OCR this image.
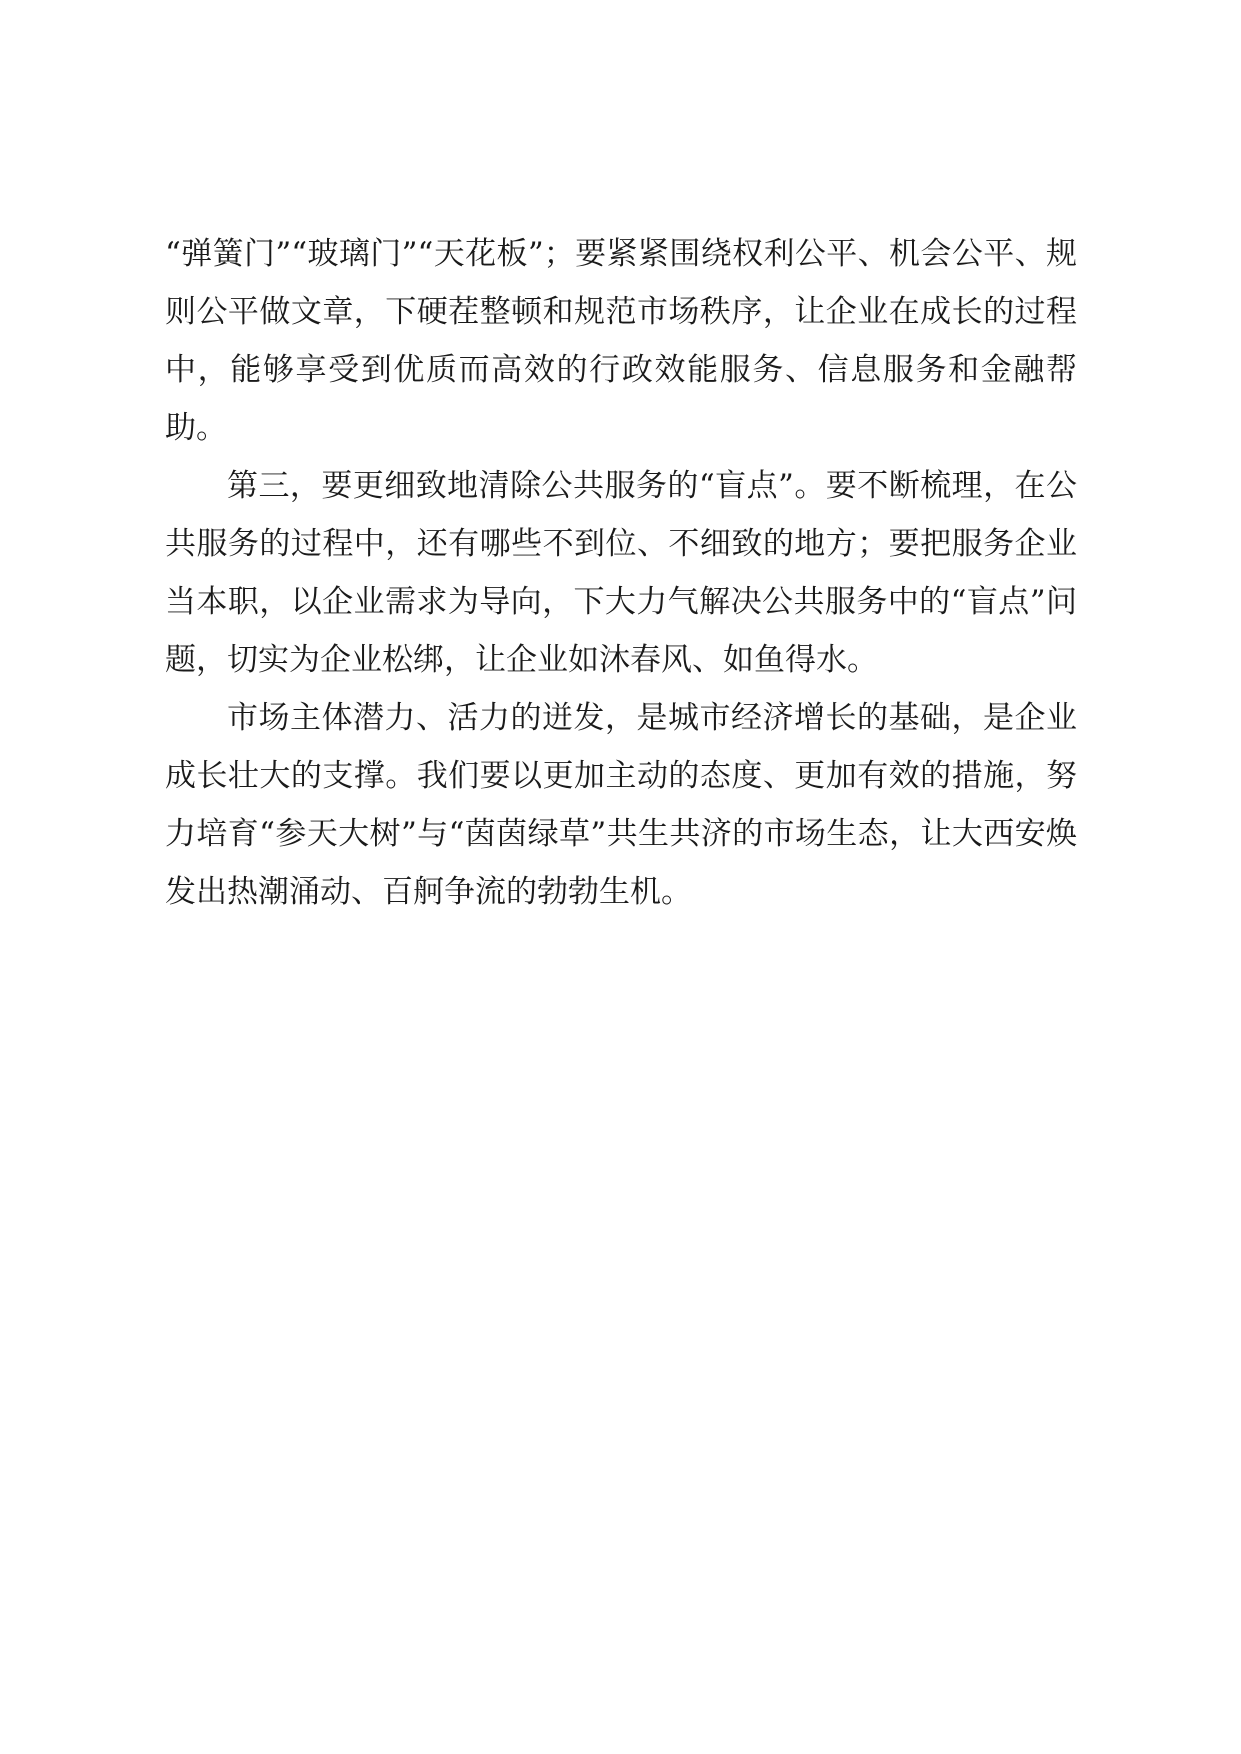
“弹簧门”“玻璃门”“天花板”；要紧紧围绕权利公平、机会公平、规则公平做文章，下硬茬整顿和规范市场秩序，让企业在成长的过程中，能够享受到优质而高效的行政效能服务、信息服务和金融帮助。

第三，要更细致地清除公共服务的“盲点”。要不断梳理，在公共服务的过程中，还有哪些不到位、不细致的地方；要把服务企业当本职，以企业需求为导向，下大力气解决公共服务中的“盲点”问题，切实为企业松绑，让企业如沐春风、如鱼得水。

市场主体潜力、活力的迸发，是城市经济增长的基础，是企业成长壮大的支撑。我们要以更加主动的态度、更加有效的措施，努力培育“参天大树”与“茵茵绿草”共生共济的市场生态，让大西安焕发出热潮涌动、百舸争流的勃勃生机。
